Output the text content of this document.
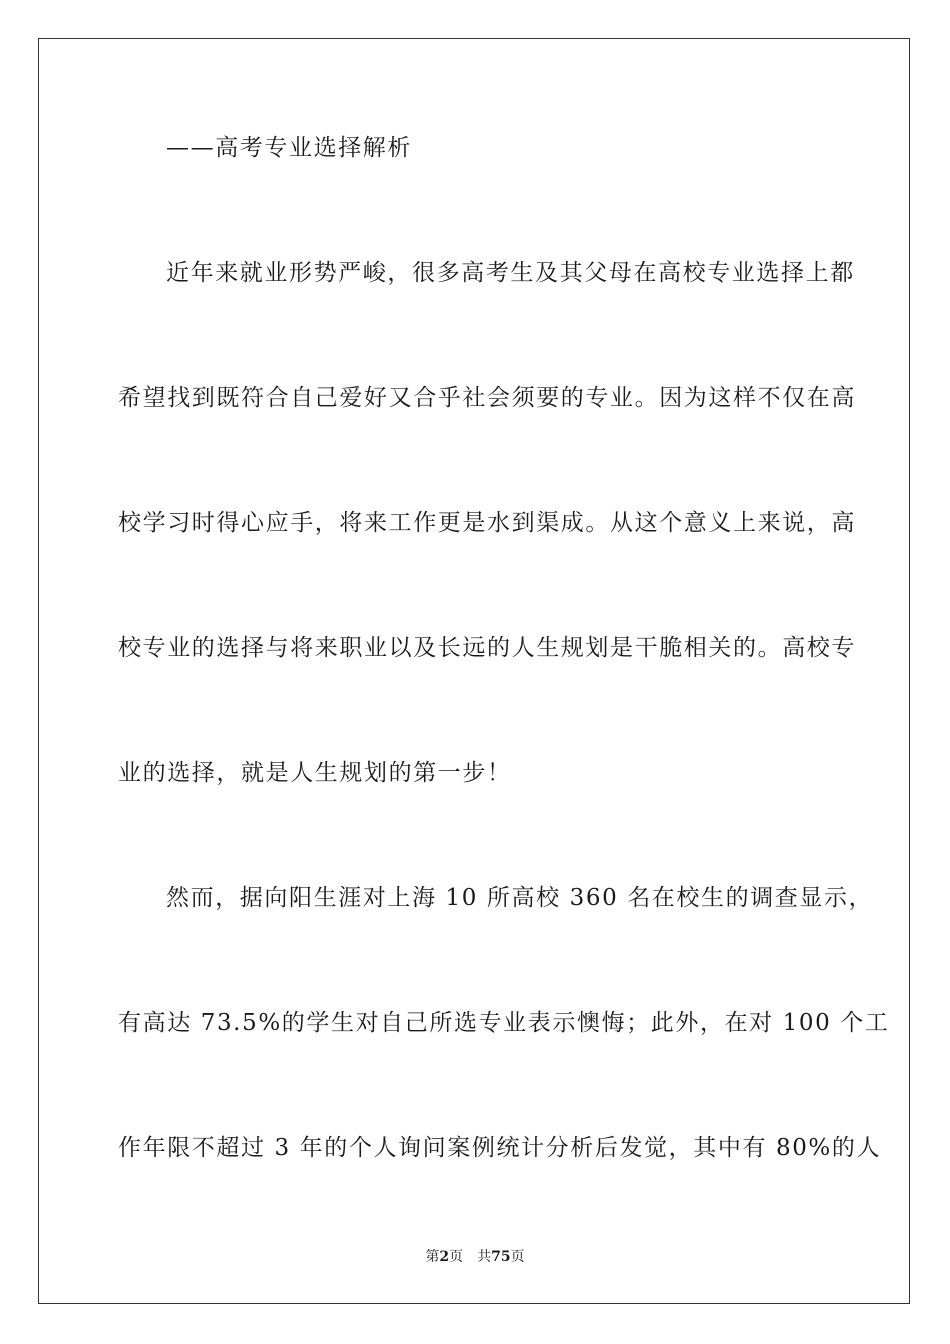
——高考专业选择解析
近年来就业形势严峻，很多高考生及其父母在高校专业选择上都
希望找到既符合自己爱好又合乎社会须要的专业。因为这样不仅在高
校学习时得心应手，将来工作更是水到渠成。从这个意义上来说，高
校专业的选择与将来职业以及长远的人生规划是干脆相关的。高校专
业的选择，就是人生规划的第一步！
然而，据向阳生涯对上海 10 所高校 360 名在校生的调查显示，
有高达 73.5%的学生对自己所选专业表示懊悔；此外，在对 100 个工
作年限不超过 3 年的个人询问案例统计分析后发觉，其中有 80%的人
第2页 共75页
